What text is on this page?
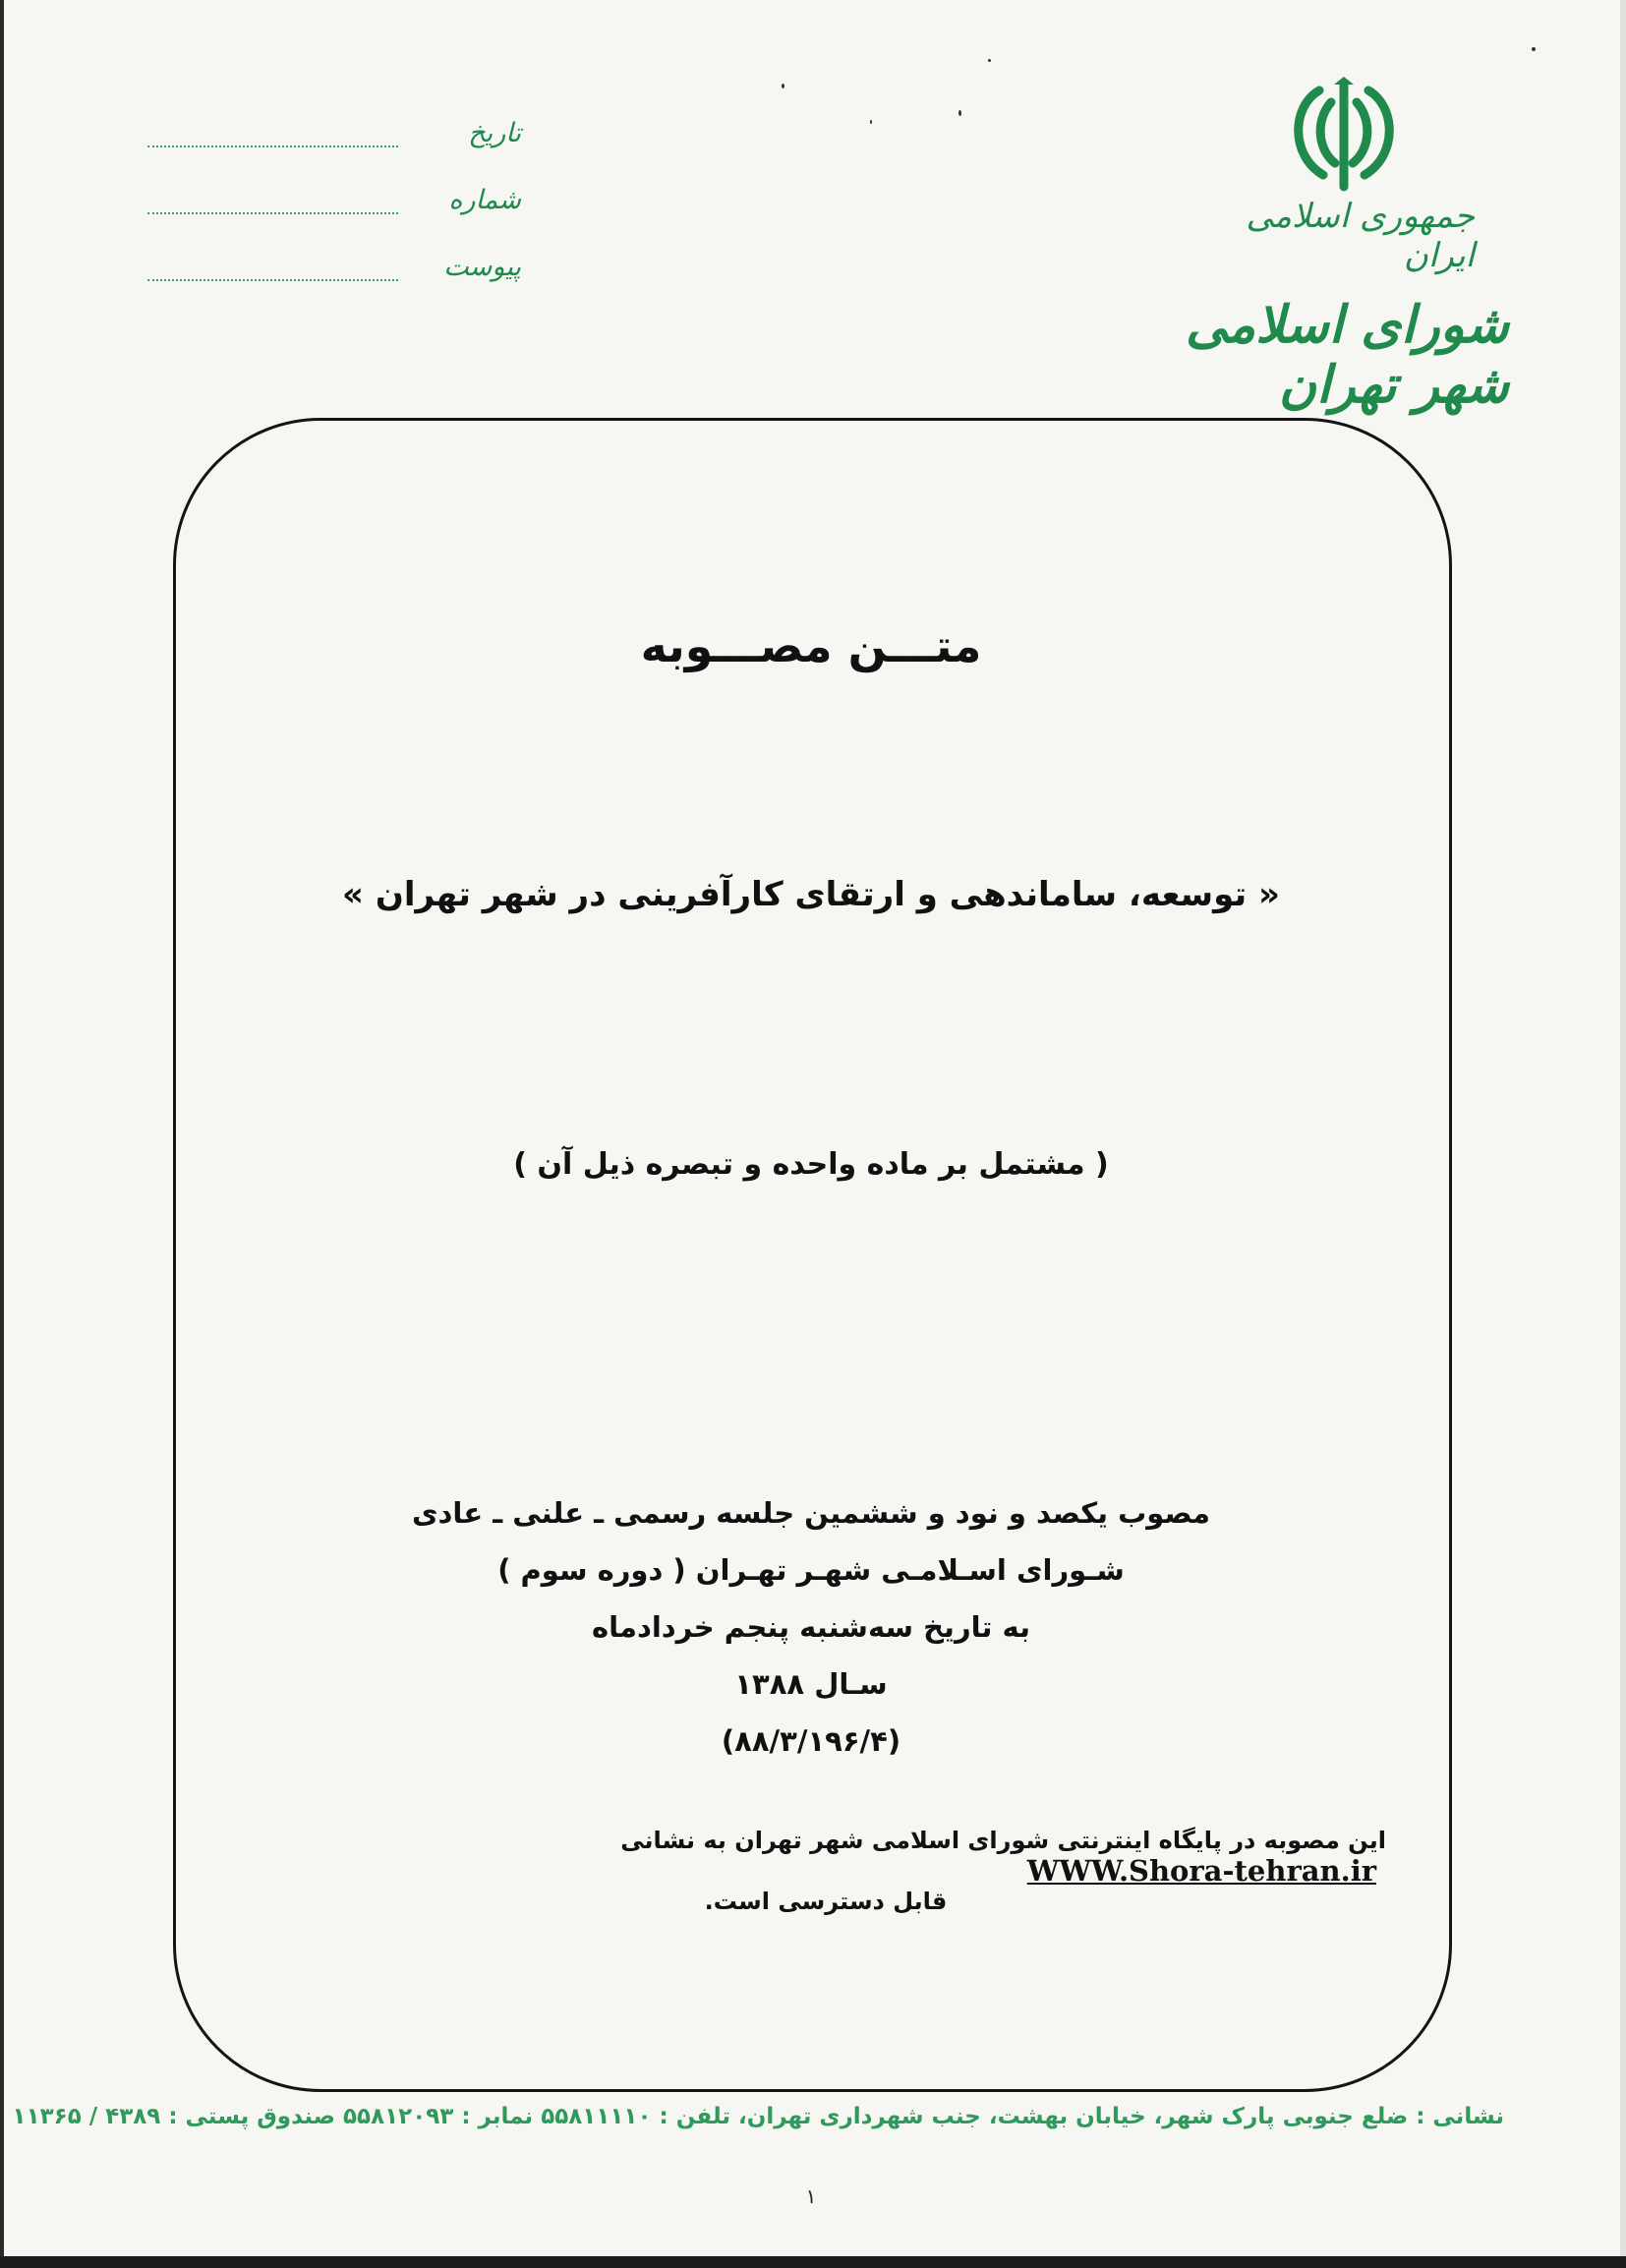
جمهوری اسلامی ایران
شورای اسلامی شهر تهران
تاریخ
شماره
پیوست
متـــن مصـــوبه
« توسعه، ساماندهی و ارتقای کارآفرینی در شهر تهران »
( مشتمل بر ماده واحده و تبصره ذیل آن )
مصوب یکصد و نود و ششمین جلسه رسمی ـ علنی ـ عادی
شـورای اسـلامـی شهـر تهـران ( دوره سوم )
به تاریخ سه‌شنبه پنجم خردادماه
سـال ۱۳۸۸
(۸۸/۳/۱۹۶/۴)
این مصوبه در پایگاه اینترنتی شورای اسلامی شهر تهران به نشانی WWW.Shora-tehran.ir
قابل دسترسی است.
نشانی : ضلع جنوبی پارک شهر، خیابان بهشت، جنب شهرداری تهران، تلفن : ۵۵۸۱۱۱۱۰ نمابر : ۵۵۸۱۲۰۹۳ صندوق پستی : ۴۳۸۹ / ۱۱۳۶۵
۱
